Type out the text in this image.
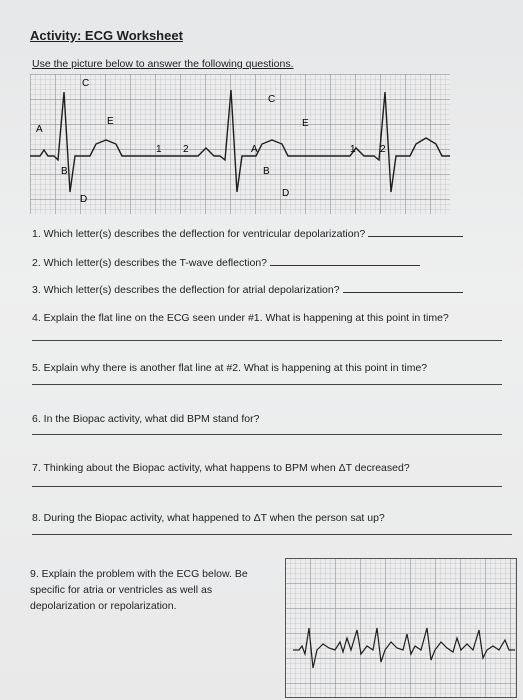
Activity: ECG Worksheet
Use the picture below to answer the following questions.
A
B
C
D
E
1 2	A
B
C
D
E
1 2
1. Which letter(s) describes the deflection for ventricular depolarization?
2. Which letter(s) describes the T-wave deflection?
3. Which letter(s) describes the deflection for atrial depolarization?
4. Explain the flat line on the ECG seen under #1. What is happening at this point in time?
5. Explain why there is another flat line at #2. What is happening at this point in time?
6. In the Biopac activity, what did BPM stand for?
7. Thinking about the Biopac activity, what happens to BPM when ΔT decreased?
8. During the Biopac activity, what happened to ΔT when the person sat up?
9. Explain the problem with the ECG below. Be specific for atria or ventricles as well as depolarization or repolarization.
